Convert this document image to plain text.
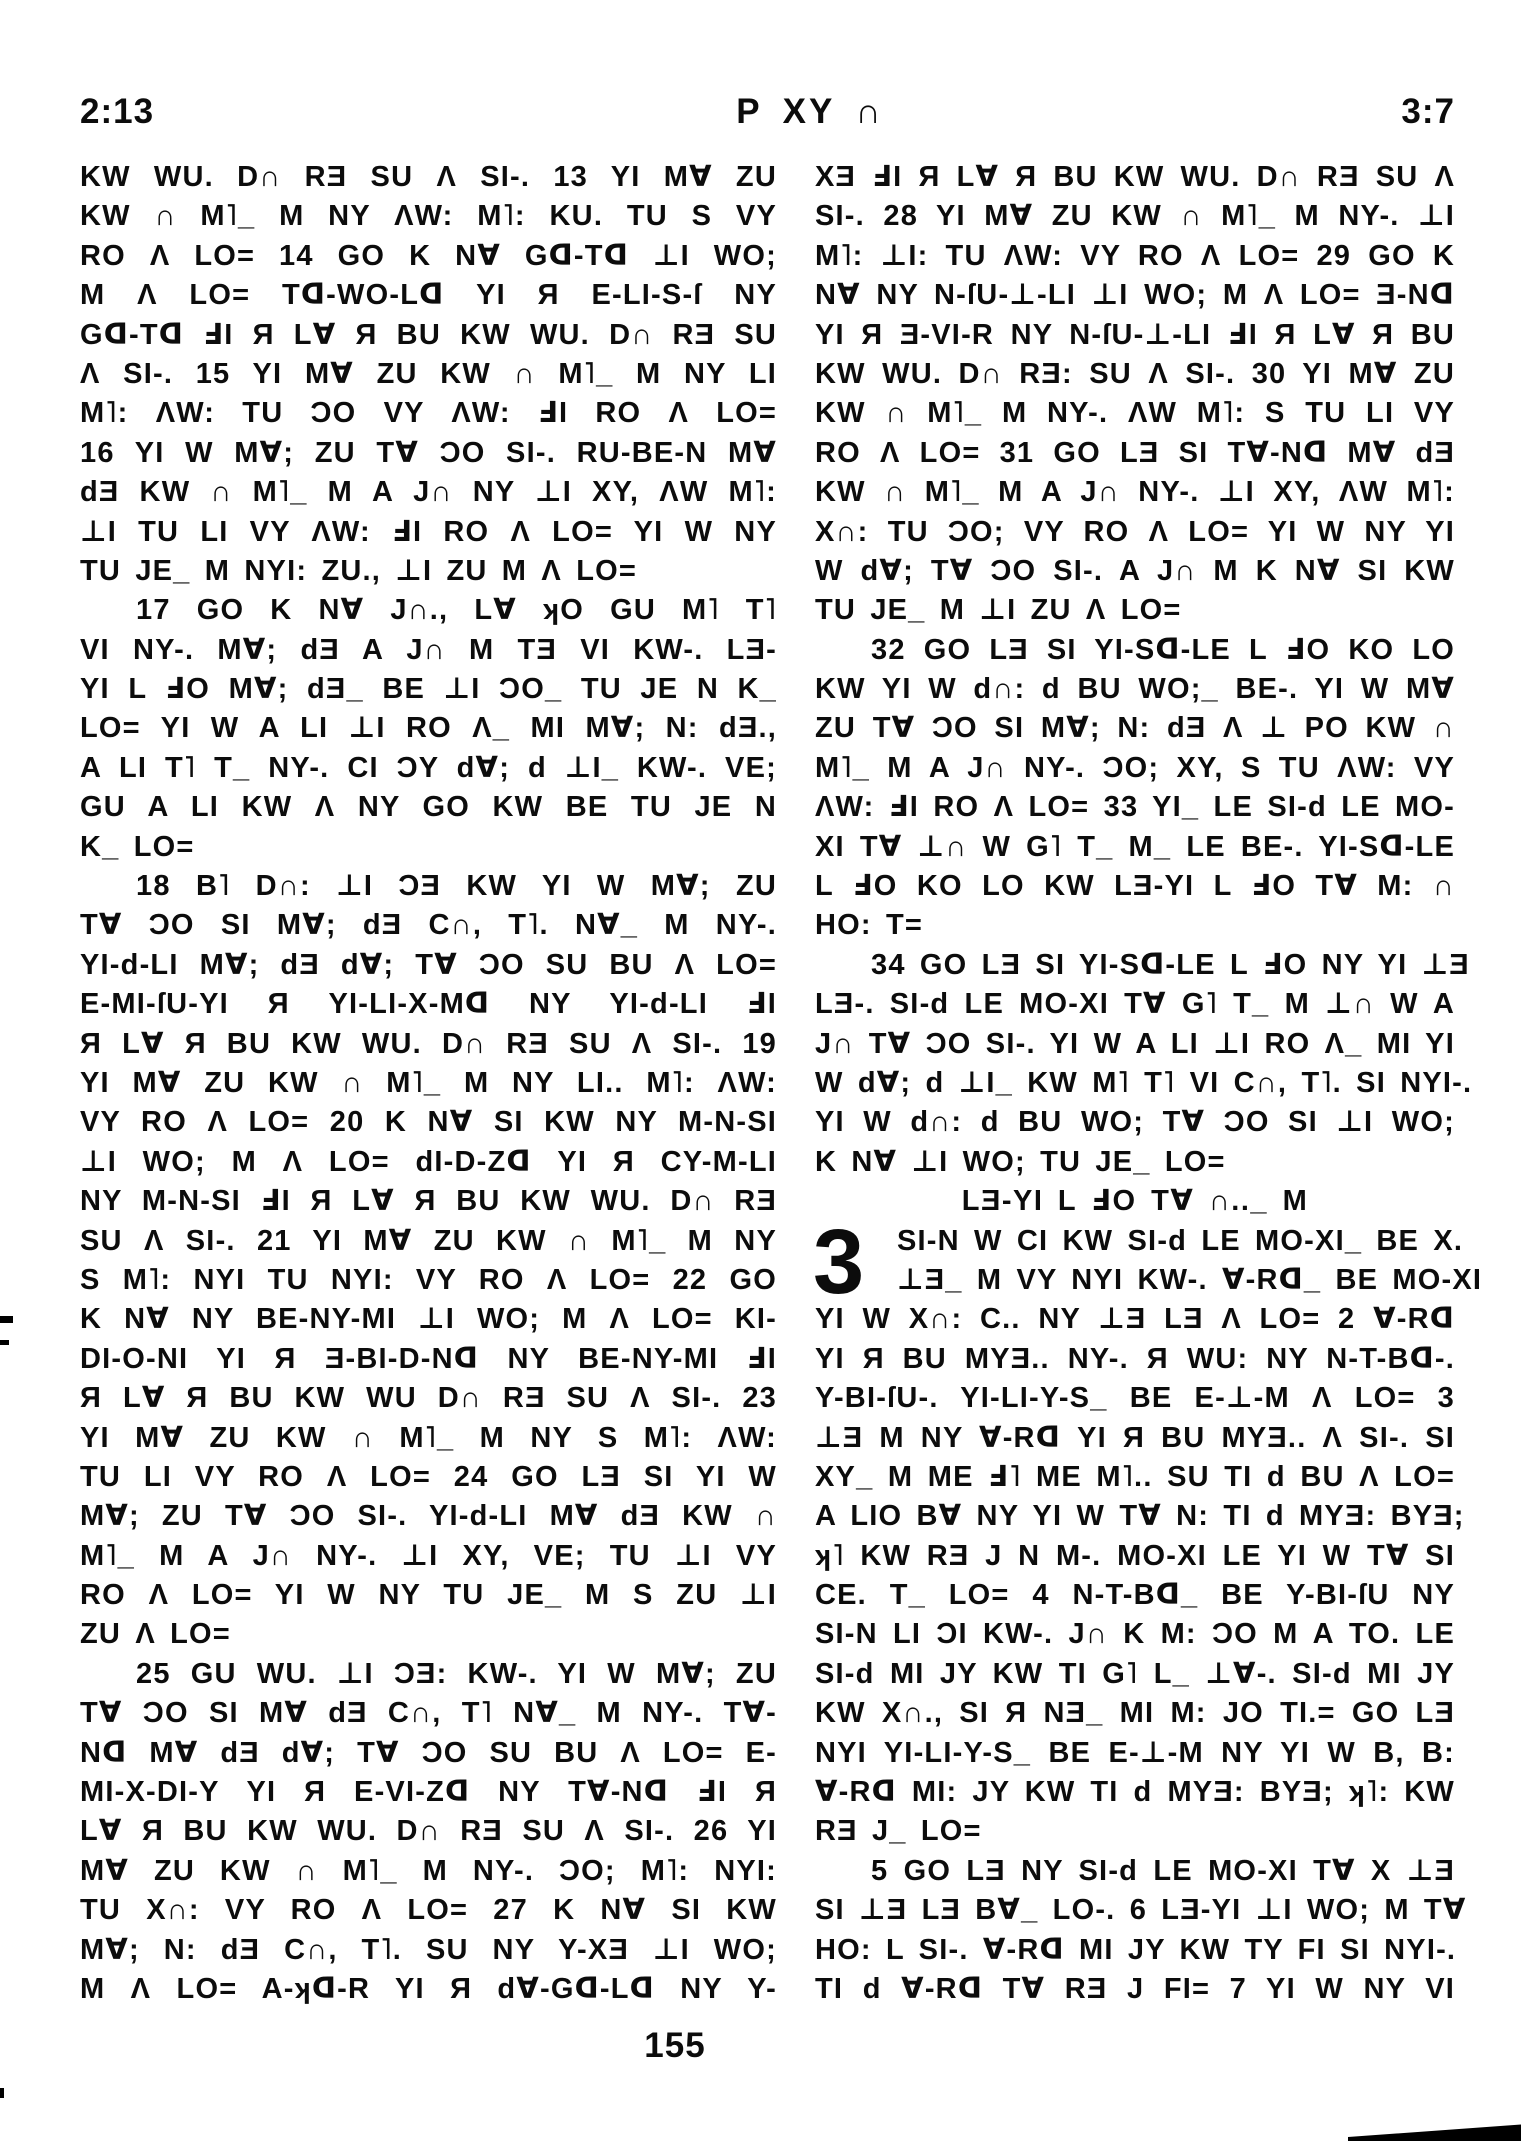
2:13	P XY ∩	3:7
KW WU. D∩ RƎ SU Λ SI-. 13 YI M∀ ZU
KW ∩ M˥_ M NY ΛW: M˥: KU. TU S VY
RO Λ LO= 14 GO K N∀ Gᗡ-Tᗡ ⊥I WO;
M Λ LO= Tᗡ-WO-Lᗡ YI Я E-LI-S-ſ NY
Gᗡ-Tᗡ ℲI Я L∀ Я BU KW WU. D∩ RƎ SU
Λ SI-. 15 YI M∀ ZU KW ∩ M˥_ M NY LI
M˥: ΛW: TU ƆO VY ΛW: ℲI RO Λ LO=
16 YI W M∀; ZU T∀ ƆO SI-. RU-BE-N M∀
dƎ KW ∩ M˥_ M A J∩ NY ⊥I XY, ΛW M˥:
⊥I TU LI VY ΛW: ℲI RO Λ LO= YI W NY
TU JE_ M NYI: ZU., ⊥I ZU M Λ LO=
17 GO K N∀ J∩., L∀ ʞO GU M˥ T˥
VI NY-. M∀; dƎ A J∩ M TƎ VI KW-. LƎ-
YI L ℲO M∀; dƎ_ BE ⊥I ƆO_ TU JE N K_
LO= YI W A LI ⊥I RO Λ_ MI M∀; N: dƎ.,
A LI T˥ T_ NY-. CI ƆY d∀; d ⊥I_ KW-. VE;
GU A LI KW Λ NY GO KW BE TU JE N
K_ LO=
18 B˥ D∩: ⊥I ƆƎ KW YI W M∀; ZU
T∀ ƆO SI M∀; dƎ C∩, T˥. N∀_ M NY-.
YI-d-LI M∀; dƎ d∀; T∀ ƆO SU BU Λ LO=
E-MI-ſU-YI Я YI-LI-X-Mᗡ NY YI-d-LI ℲI
Я L∀ Я BU KW WU. D∩ RƎ SU Λ SI-. 19
YI M∀ ZU KW ∩ M˥_ M NY LI.. M˥: ΛW:
VY RO Λ LO= 20 K N∀ SI KW NY M-N-SI
⊥I WO; M Λ LO= dI-D-Zᗡ YI Я CY-M-LI
NY M-N-SI ℲI Я L∀ Я BU KW WU. D∩ RƎ
SU Λ SI-. 21 YI M∀ ZU KW ∩ M˥_ M NY
S M˥: NYI TU NYI: VY RO Λ LO= 22 GO
K N∀ NY BE-NY-MI ⊥I WO; M Λ LO= KI-
DI-O-NI YI Я Ǝ-BI-D-Nᗡ NY BE-NY-MI ℲI
Я L∀ Я BU KW WU D∩ RƎ SU Λ SI-. 23
YI M∀ ZU KW ∩ M˥_ M NY S M˥: ΛW:
TU LI VY RO Λ LO= 24 GO LƎ SI YI W
M∀; ZU T∀ ƆO SI-. YI-d-LI M∀ dƎ KW ∩
M˥_ M A J∩ NY-. ⊥I XY, VE; TU ⊥I VY
RO Λ LO= YI W NY TU JE_ M S ZU ⊥I
ZU Λ LO=
25 GU WU. ⊥I ƆƎ: KW-. YI W M∀; ZU
T∀ ƆO SI M∀ dƎ C∩, T˥ N∀_ M NY-. T∀-
Nᗡ M∀ dƎ d∀; T∀ ƆO SU BU Λ LO= E-
MI-X-DI-Y YI Я E-VI-Zᗡ NY T∀-Nᗡ ℲI Я
L∀ Я BU KW WU. D∩ RƎ SU Λ SI-. 26 YI
M∀ ZU KW ∩ M˥_ M NY-. ƆO; M˥: NYI:
TU X∩: VY RO Λ LO= 27 K N∀ SI KW
M∀; N: dƎ C∩, T˥. SU NY Y-XƎ ⊥I WO;
M Λ LO= A-ʞᗡ-R YI Я d∀-Gᗡ-Lᗡ NY Y-
XƎ ℲI Я L∀ Я BU KW WU. D∩ RƎ SU Λ
SI-. 28 YI M∀ ZU KW ∩ M˥_ M NY-. ⊥I
M˥: ⊥I: TU ΛW: VY RO Λ LO= 29 GO K
N∀ NY N-ſU-⊥-LI ⊥I WO; M Λ LO= Ǝ-Nᗡ
YI Я Ǝ-VI-R NY N-ſU-⊥-LI ℲI Я L∀ Я BU
KW WU. D∩ RƎ: SU Λ SI-. 30 YI M∀ ZU
KW ∩ M˥_ M NY-. ΛW M˥: S TU LI VY
RO Λ LO= 31 GO LƎ SI T∀-Nᗡ M∀ dƎ
KW ∩ M˥_ M A J∩ NY-. ⊥I XY, ΛW M˥:
X∩: TU ƆO; VY RO Λ LO= YI W NY YI
W d∀; T∀ ƆO SI-. A J∩ M K N∀ SI KW
TU JE_ M ⊥I ZU Λ LO=
32 GO LƎ SI YI-Sᗡ-LE L ℲO KO LO
KW YI W d∩: d BU WO;_ BE-. YI W M∀
ZU T∀ ƆO SI M∀; N: dƎ Λ ⊥ PO KW ∩
M˥_ M A J∩ NY-. ƆO; XY, S TU ΛW: VY
ΛW: ℲI RO Λ LO= 33 YI_ LE SI-d LE MO-
XI T∀ ⊥∩ W G˥ T_ M_ LE BE-. YI-Sᗡ-LE
L ℲO KO LO KW LƎ-YI L ℲO T∀ M: ∩
HO: T=
34 GO LƎ SI YI-Sᗡ-LE L ℲO NY YI ⊥Ǝ
LƎ-. SI-d LE MO-XI T∀ G˥ T_ M ⊥∩ W A
J∩ T∀ ƆO SI-. YI W A LI ⊥I RO Λ_ MI YI
W d∀; d ⊥I_ KW M˥ T˥ VI C∩, T˥. SI NYI-.
YI W d∩: d BU WO; T∀ ƆO SI ⊥I WO;
K N∀ ⊥I WO; TU JE_ LO=
LƎ-YI L ℲO T∀ ∩.._ M
SI-N W CI KW SI-d LE MO-XI_ BE X.
⊥Ǝ_ M VY NYI KW-. ∀-Rᗡ_ BE MO-XI
YI W X∩: C.. NY ⊥Ǝ LƎ Λ LO= 2 ∀-Rᗡ
YI Я BU MYƎ.. NY-. Я WU: NY N-T-Bᗡ-.
Y-BI-ſU-. YI-LI-Y-S_ BE E-⊥-M Λ LO= 3
⊥Ǝ M NY ∀-Rᗡ YI Я BU MYƎ.. Λ SI-. SI
XY_ M ME Ⅎ˥ ME M˥.. SU TI d BU Λ LO=
A LIO B∀ NY YI W T∀ N: TI d MYƎ: BYƎ;
ʞ˥ KW RƎ J N M-. MO-XI LE YI W T∀ SI
CE. T_ LO= 4 N-T-Bᗡ_ BE Y-BI-ſU NY
SI-N LI ƆI KW-. J∩ K M: ƆO M A TO. LE
SI-d MI JY KW TI G˥ L_ ⊥∀-. SI-d MI JY
KW X∩., SI Я NƎ_ MI M: JO TI.= GO LƎ
NYI YI-LI-Y-S_ BE E-⊥-M NY YI W B, B:
∀-Rᗡ MI: JY KW TI d MYƎ: BYƎ; ʞ˥: KW
RƎ J_ LO=
5 GO LƎ NY SI-d LE MO-XI T∀ X ⊥Ǝ
SI ⊥Ǝ LƎ B∀_ LO-. 6 LƎ-YI ⊥I WO; M T∀
HO: L SI-. ∀-Rᗡ MI JY KW TY FI SI NYI-.
TI d ∀-Rᗡ T∀ RƎ J FI= 7 YI W NY VI
3
155
